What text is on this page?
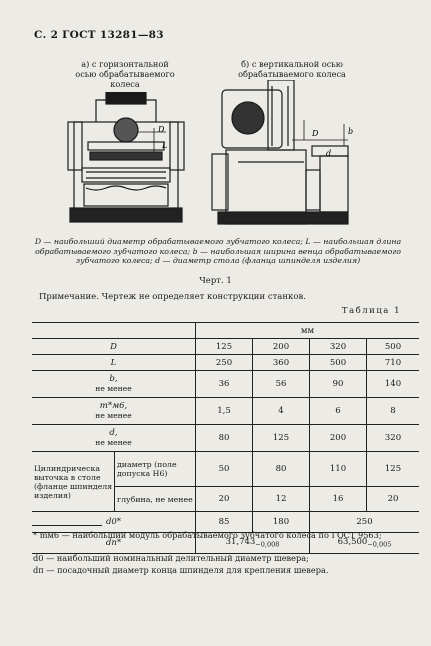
С. 2 ГОСТ 13281—83
а) с горизонтальной
осью обрабатываемого
колеса
б) с вертикальной осью
обрабатываемого колеса
D
L
D	b
d
D — наибольший диаметр обрабатываемого зубчатого колеса; L — наибольшая длина обрабатываемого зубчатого колеса; b — наибольшая ширина венца обрабатываемого зубчатого колеса; d — диаметр стола (фланца шпинделя изделия)
Черт. 1
Примечание. Чертеж не определяет конструкции станков.
Таблица 1
		мм			
D		125	200	320	500
L		250	360	500	710
b,
не менее		36	56	90	140
m*м6,
не менее		1,5	4	6	8
d,
не менее		80	125	200	320
Цилиндрическа выточка в столе (фланце шпинделя изделия)	диаметр (поле допуска Н6)	50	80	110	125
	глубина, не менее	20	12	16	20
d0*		85	180	250	
dп*		$31,743_{-0,008}$		$63,500_{-0,005}$
* mм6 — наибольший модуль обрабатываемого зубчатого колеса по ГОСТ 9563;
d0 — наибольший номинальный делительный диаметр шевера;
dп — посадочный диаметр конца шпинделя для крепления шевера.
